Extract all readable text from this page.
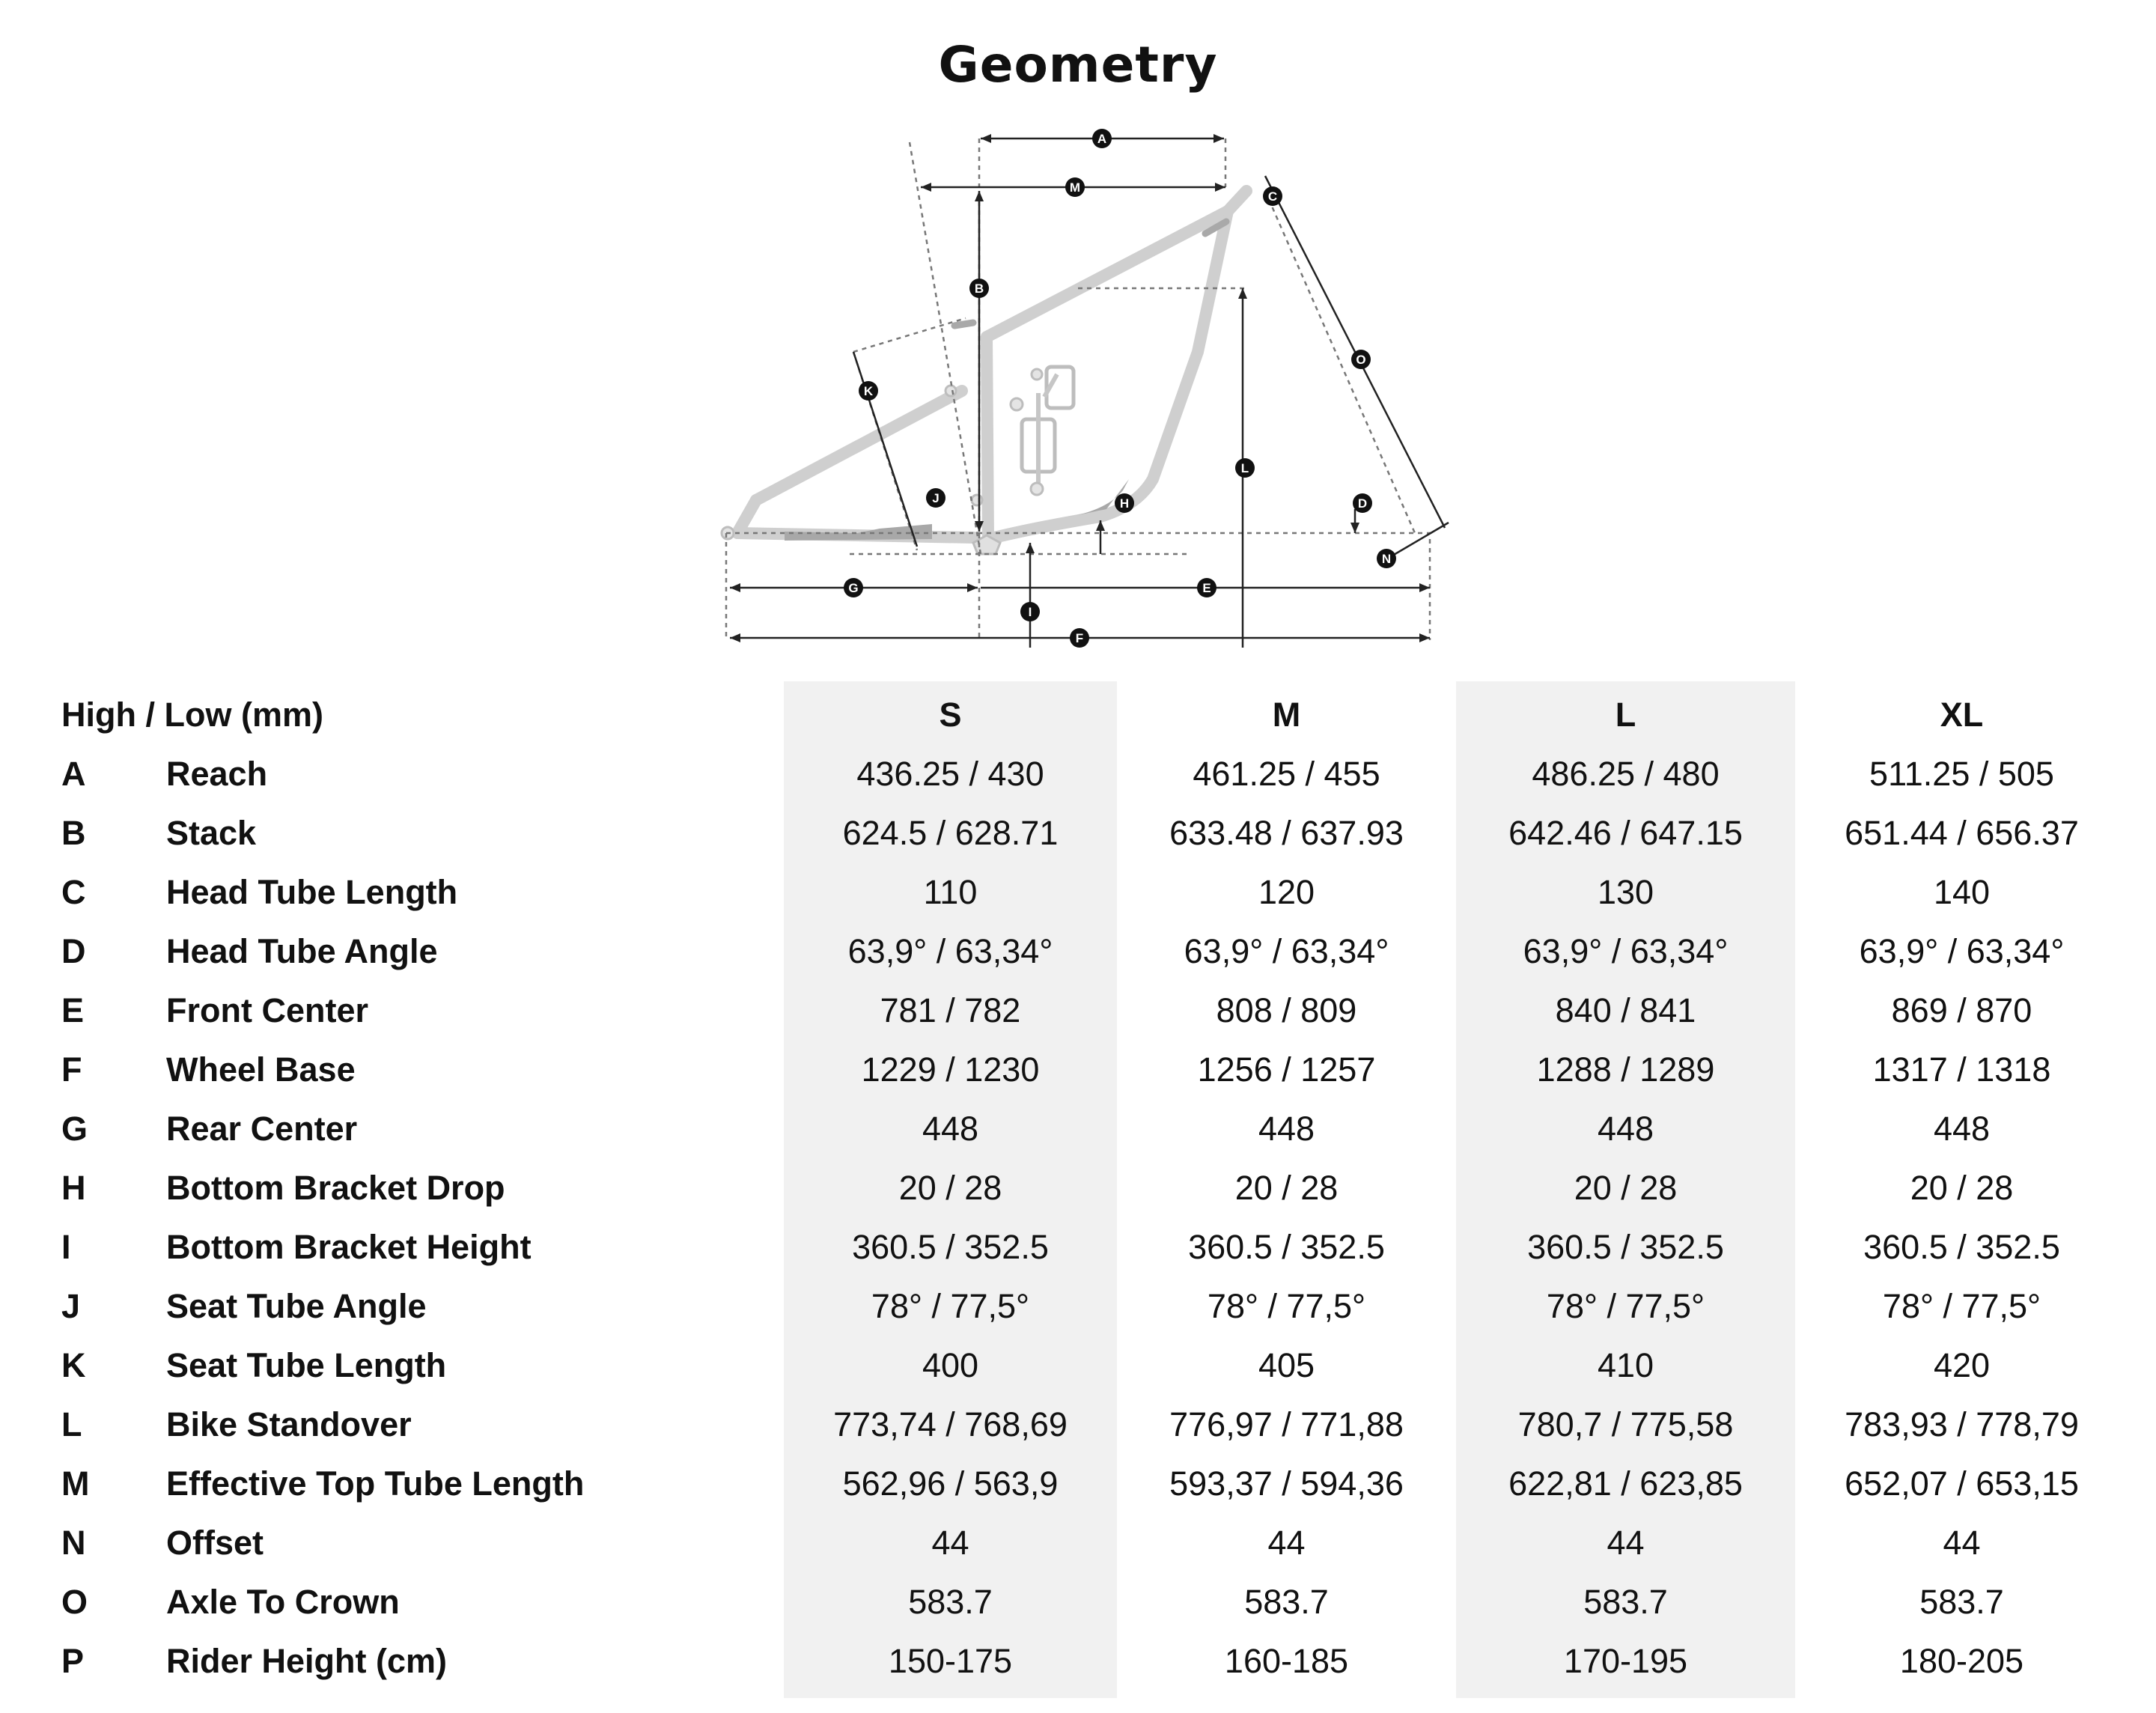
Geometry
A
B
C
D
E
F
G
H
I
J
K
L
M
N
O
High / Low (mm)	S	M	L	XL
A Reach	436.25 / 430	461.25 / 455	486.25 / 480	511.25 / 505
B Stack	624.5 / 628.71	633.48 / 637.93	642.46 / 647.15	651.44 / 656.37
C Head Tube Length	110	120	130	140
D Head Tube Angle	63,9° / 63,34°	63,9° / 63,34°	63,9° / 63,34°	63,9° / 63,34°
E Front Center	781 / 782	808 / 809	840 / 841	869 / 870
F	Wheel Base	1229 / 1230	1256 / 1257	1288 / 1289	1317 / 1318
G Rear Center	448	448	448	448
H Bottom Bracket Drop	20 / 28	20 / 28	20 / 28	20 / 28
I	Bottom Bracket Height	360.5 / 352.5	360.5 / 352.5	360.5 / 352.5	360.5 / 352.5
J	Seat Tube Angle	78° / 77,5°	78° / 77,5°	78° / 77,5°	78° / 77,5°
K Seat Tube Length	400	405	410	420
L	Bike Standover	773,74 / 768,69	776,97 / 771,88	780,7 / 775,58	783,93 / 778,79
M Effective Top Tube Length	562,96 / 563,9	593,37 / 594,36	622,81 / 623,85	652,07 / 653,15
N Offset	44	44	44	44
O Axle To Crown	583.7	583.7	583.7	583.7
P Rider Height (cm)	150-175	160-185	170-195	180-205
